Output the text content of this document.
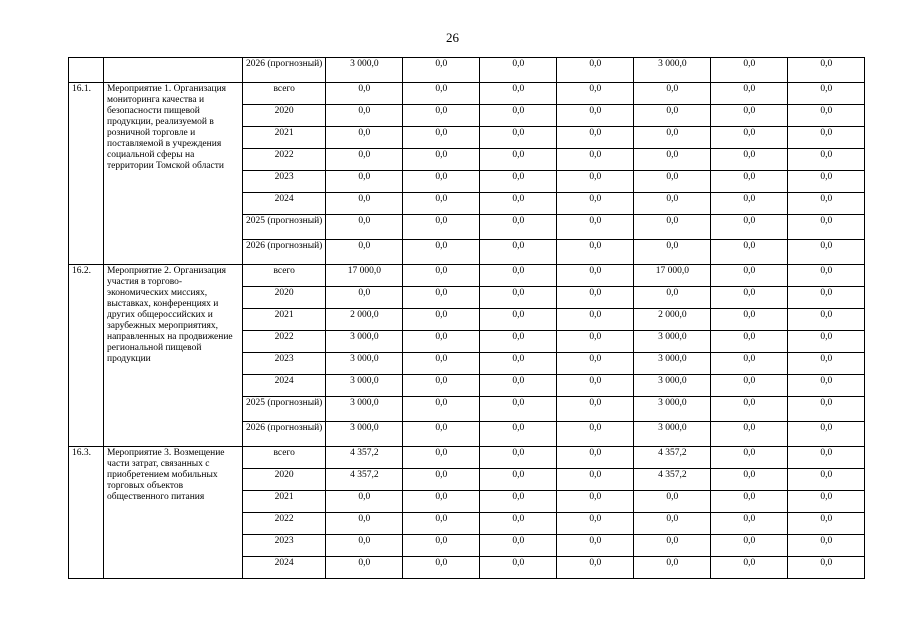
26
		2026 (прогнозный)	3 000,0	0,0	0,0	0,0	3 000,0	0,0	0,0
16.1.	Мероприятие 1. Организация мониторинга качества и безопасности пищевой продукции, реализуемой в розничной торговле и поставляемой в учреждения социальной сферы на территории Томской области	всего	0,0	0,0	0,0	0,0	0,0	0,0	0,0
		2020	0,0	0,0	0,0	0,0	0,0	0,0	0,0
		2021	0,0	0,0	0,0	0,0	0,0	0,0	0,0
		2022	0,0	0,0	0,0	0,0	0,0	0,0	0,0
		2023	0,0	0,0	0,0	0,0	0,0	0,0	0,0
		2024	0,0	0,0	0,0	0,0	0,0	0,0	0,0
		2025 (прогнозный)	0,0	0,0	0,0	0,0	0,0	0,0	0,0
		2026 (прогнозный)	0,0	0,0	0,0	0,0	0,0	0,0	0,0
16.2.	Мероприятие 2. Организация участия в торгово-экономических миссиях, выставках, конференциях и других общероссийских и зарубежных мероприятиях, направленных на продвижение региональной пищевой продукции	всего	17 000,0	0,0	0,0	0,0	17 000,0	0,0	0,0
		2020	0,0	0,0	0,0	0,0	0,0	0,0	0,0
		2021	2 000,0	0,0	0,0	0,0	2 000,0	0,0	0,0
		2022	3 000,0	0,0	0,0	0,0	3 000,0	0,0	0,0
		2023	3 000,0	0,0	0,0	0,0	3 000,0	0,0	0,0
		2024	3 000,0	0,0	0,0	0,0	3 000,0	0,0	0,0
		2025 (прогнозный)	3 000,0	0,0	0,0	0,0	3 000,0	0,0	0,0
		2026 (прогнозный)	3 000,0	0,0	0,0	0,0	3 000,0	0,0	0,0
16.3.	Мероприятие 3. Возмещение части затрат, связанных с приобретением мобильных торговых объектов общественного питания	всего	4 357,2	0,0	0,0	0,0	4 357,2	0,0	0,0
		2020	4 357,2	0,0	0,0	0,0	4 357,2	0,0	0,0
		2021	0,0	0,0	0,0	0,0	0,0	0,0	0,0
		2022	0,0	0,0	0,0	0,0	0,0	0,0	0,0
		2023	0,0	0,0	0,0	0,0	0,0	0,0	0,0
		2024	0,0	0,0	0,0	0,0	0,0	0,0	0,0
